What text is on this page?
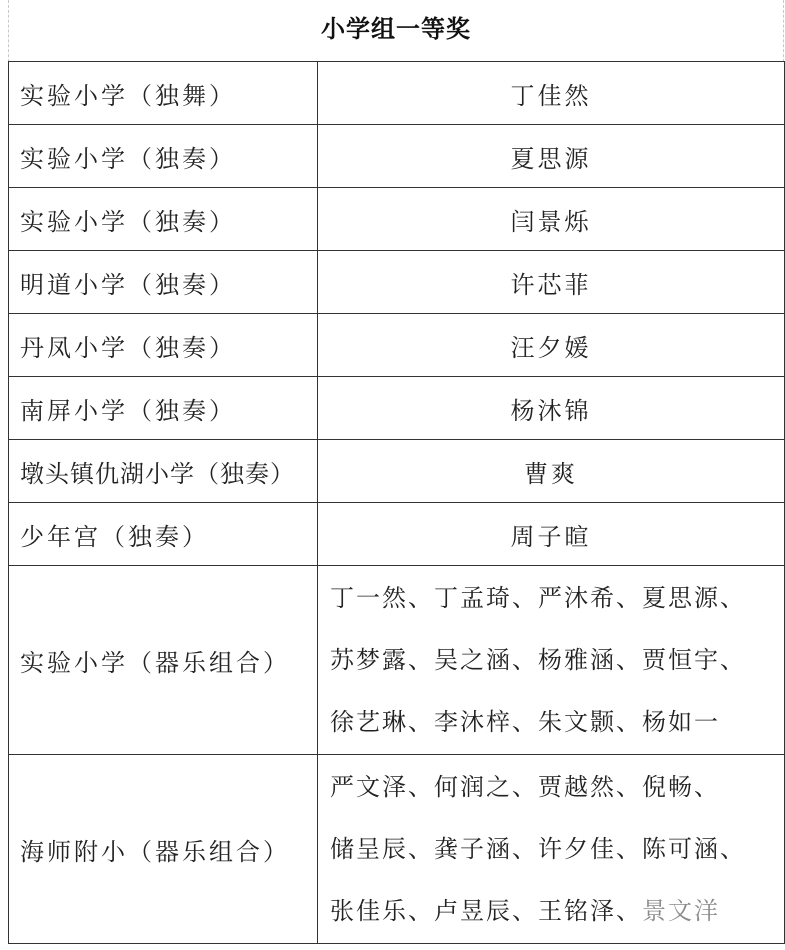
小学组一等奖
实验小学（独舞）	丁佳然
实验小学（独奏）	夏思源
实验小学（独奏）	闫景烁
明道小学（独奏）	许芯菲
丹凤小学（独奏）	汪夕媛
南屏小学（独奏）	杨沐锦
墩头镇仇湖小学（独奏）	曹爽
少年宫（独奏）	周子暄
实验小学（器乐组合）	丁一然、丁孟琦、严沐希、夏思源、
苏梦露、吴之涵、杨雅涵、贾恒宇、
徐艺琳、李沐梓、朱文颢、杨如一

海师附小（器乐组合）	严文泽、何润之、贾越然、倪畅、
储呈辰、龚子涵、许夕佳、陈可涵、
张佳乐、卢昱辰、王铭泽、景文洋
